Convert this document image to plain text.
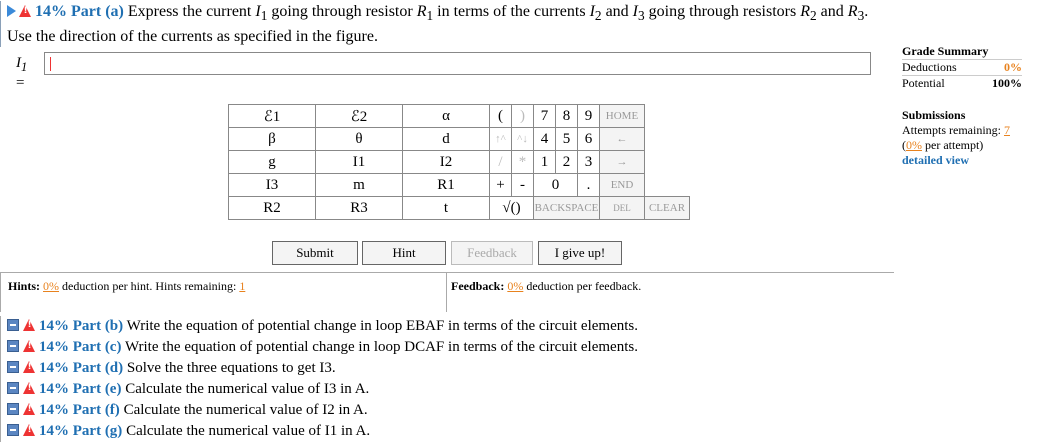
!14% Part (a) Express the current $I_1$ going through resistor $R_1$ in terms of the currents $I_2$ and $I_3$ going through resistors $R_2$ and $R_3$. Use the direction of the currents as specified in the figure.
$I_1$ =
ℰ1	ℰ2	α	(	)	7	8	9	HOME	
β	θ	d	↑^	^↓	4	5	6	←	
g	I1	I2	/	*	1	2	3	→	
I3	m	R1	+	-	0		.	END	
R2	R3	t	√()		BACKSPACE			DEL	CLEAR
Submit	Hint	Feedback	I give up!
Hints: 0% deduction per hint. Hints remaining: 1	Feedback: 0% deduction per feedback.
!14% Part (b) Write the equation of potential change in loop EBAF in terms of the circuit elements.
!14% Part (c) Write the equation of potential change in loop DCAF in terms of the circuit elements.
!14% Part (d) Solve the three equations to get I3.
!14% Part (e) Calculate the numerical value of I3 in A.
!14% Part (f) Calculate the numerical value of I2 in A.
!14% Part (g) Calculate the numerical value of I1 in A.
Grade Summary
Deductions	0%
Potential	100%
Submissions
Attempts remaining: 7
(0% per attempt)
detailed view
